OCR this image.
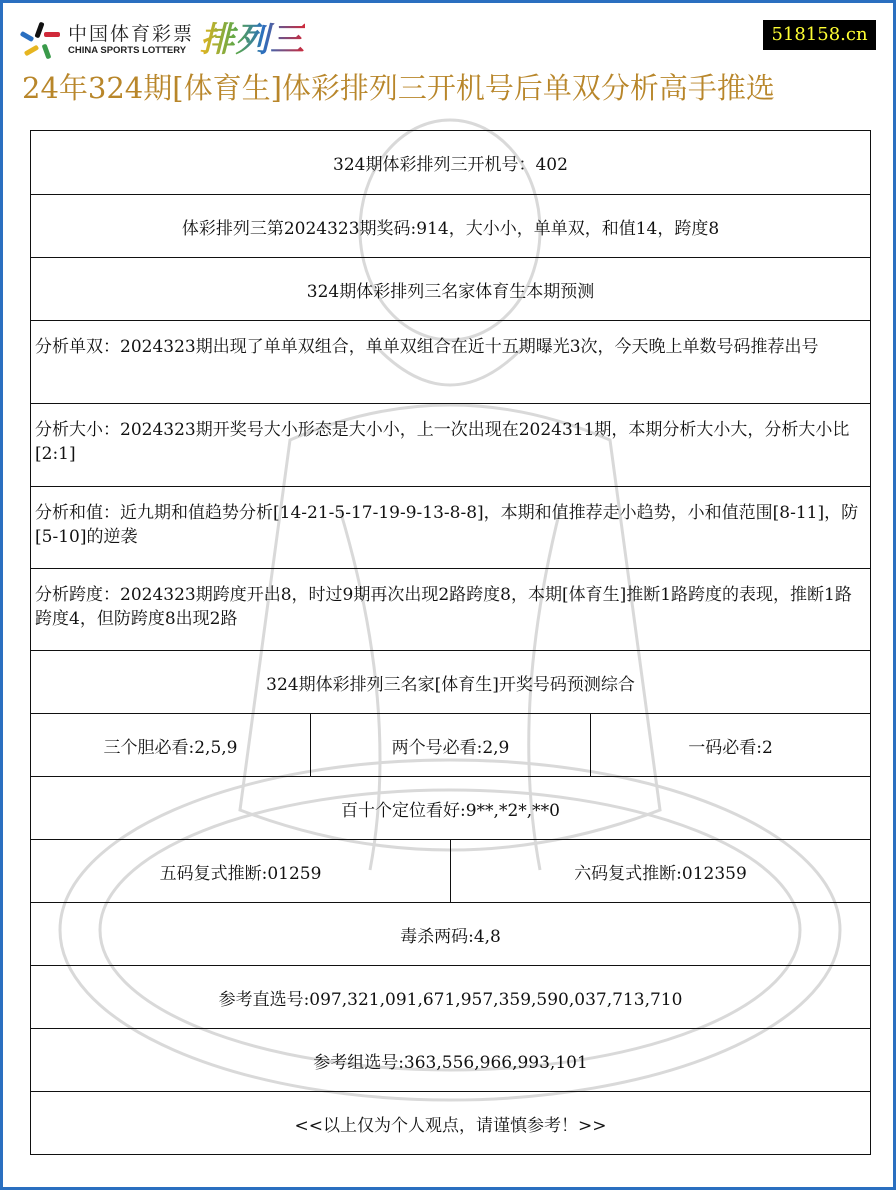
中国体育彩票
CHINA SPORTS LOTTERY 排列三	518158.cn
24年324期[体育生]体彩排列三开机号后单双分析高手推选
324期体彩排列三开机号：402
体彩排列三第2024323期奖码:914，大小小，单单双，和值14，跨度8
324期体彩排列三名家体育生本期预测
分析单双：2024323期出现了单单双组合，单单双组合在近十五期曝光3次，今天晚上单数号码推荐出号
分析大小：2024323期开奖号大小形态是大小小，上一次出现在2024311期，本期分析大小大，分析大小比[2:1]
分析和值：近九期和值趋势分析[14-21-5-17-19-9-13-8-8]，本期和值推荐走小趋势，小和值范围[8-11]，防[5-10]的逆袭
分析跨度：2024323期跨度开出8，时过9期再次出现2路跨度8，本期[体育生]推断1路跨度的表现，推断1路跨度4，但防跨度8出现2路
324期体彩排列三名家[体育生]开奖号码预测综合
三个胆必看:2,5,9	两个号必看:2,9	一码必看:2
百十个定位看好:9**,*2*,**0
五码复式推断:01259	六码复式推断:012359
毒杀两码:4,8
参考直选号:097,321,091,671,957,359,590,037,713,710
参考组选号:363,556,966,993,101
<<以上仅为个人观点，请谨慎参考！>>
